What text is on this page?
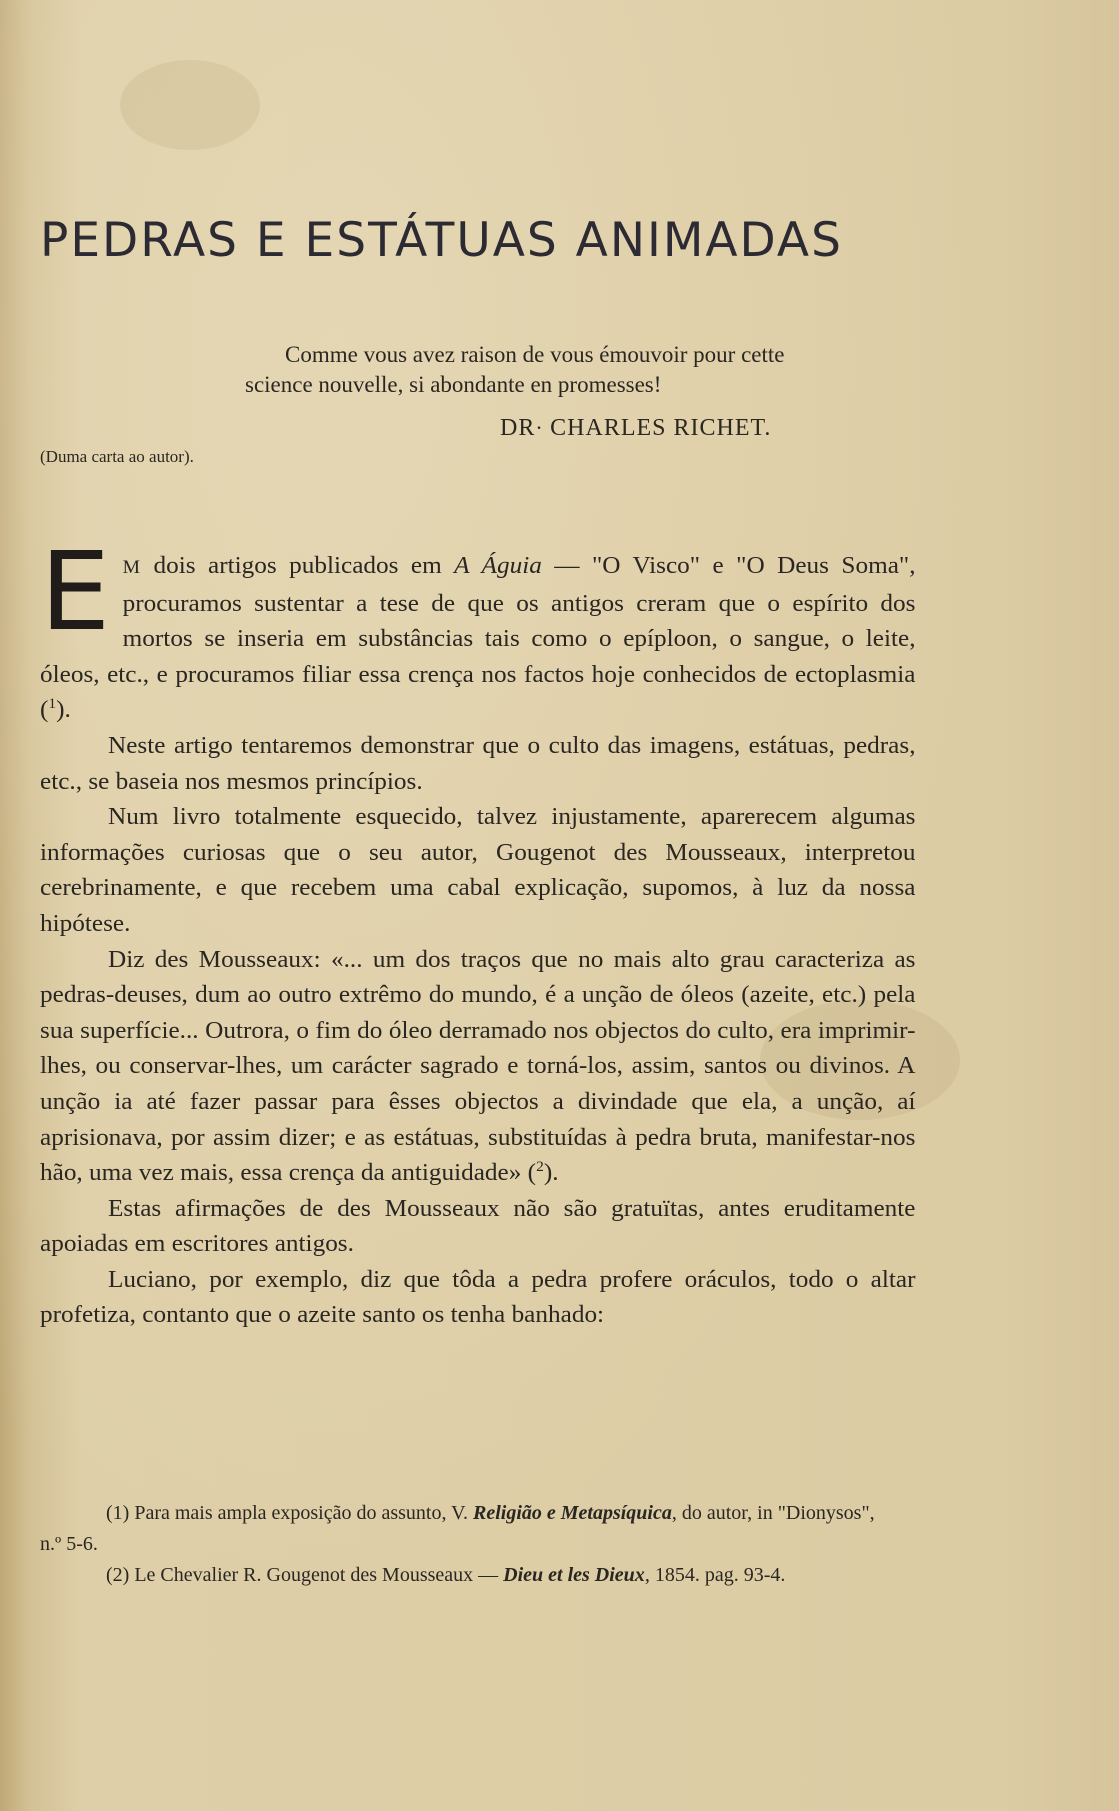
PEDRAS E ESTÁTUAS ANIMADAS
Comme vous avez raison de vous émouvoir pour cette
science nouvelle, si abondante en promesses!
DR· CHARLES RICHET.
(Duma carta ao autor).

E M dois artigos publicados em A Águia — "O Visco" e "O Deus Soma", procuramos sustentar a tese de que os antigos creram que o espírito dos mortos se inseria em substâncias tais como o epíploon, o sangue, o leite, óleos, etc., e procuramos filiar essa crença nos factos hoje conhecidos de ectoplasmia ($^1$).

Neste artigo tentaremos demonstrar que o culto das imagens, estátuas, pedras, etc., se baseia nos mesmos princípios.

Num livro totalmente esquecido, talvez injustamente, aparerecem algumas informações curiosas que o seu autor, Gougenot des Mousseaux, interpretou cerebrinamente, e que recebem uma cabal explicação, supomos, à luz da nossa hipótese.

Diz des Mousseaux: «... um dos traços que no mais alto grau caracteriza as pedras-deuses, dum ao outro extrêmo do mundo, é a unção de óleos (azeite, etc.) pela sua superfície... Outrora, o fim do óleo derramado nos objectos do culto, era imprimir-lhes, ou conservar-lhes, um carácter sagrado e torná-los, assim, santos ou divinos. A unção ia até fazer passar para êsses objectos a divindade que ela, a unção, aí aprisionava, por assim dizer; e as estátuas, substituídas à pedra bruta, manifestar-nos hão, uma vez mais, essa crença da antiguidade» ($^2$).

Estas afirmações de des Mousseaux não são gratuïtas, antes eruditamente apoiadas em escritores antigos.

Luciano, por exemplo, diz que tôda a pedra profere oráculos, todo o altar profetiza, contanto que o azeite santo os tenha banhado:

(1) Para mais ampla exposição do assunto, V. Religião e Metapsíquica, do autor, in "Dionysos", n.º 5-6.

(2) Le Chevalier R. Gougenot des Mousseaux — Dieu et les Dieux, 1854. pag. 93-4.
